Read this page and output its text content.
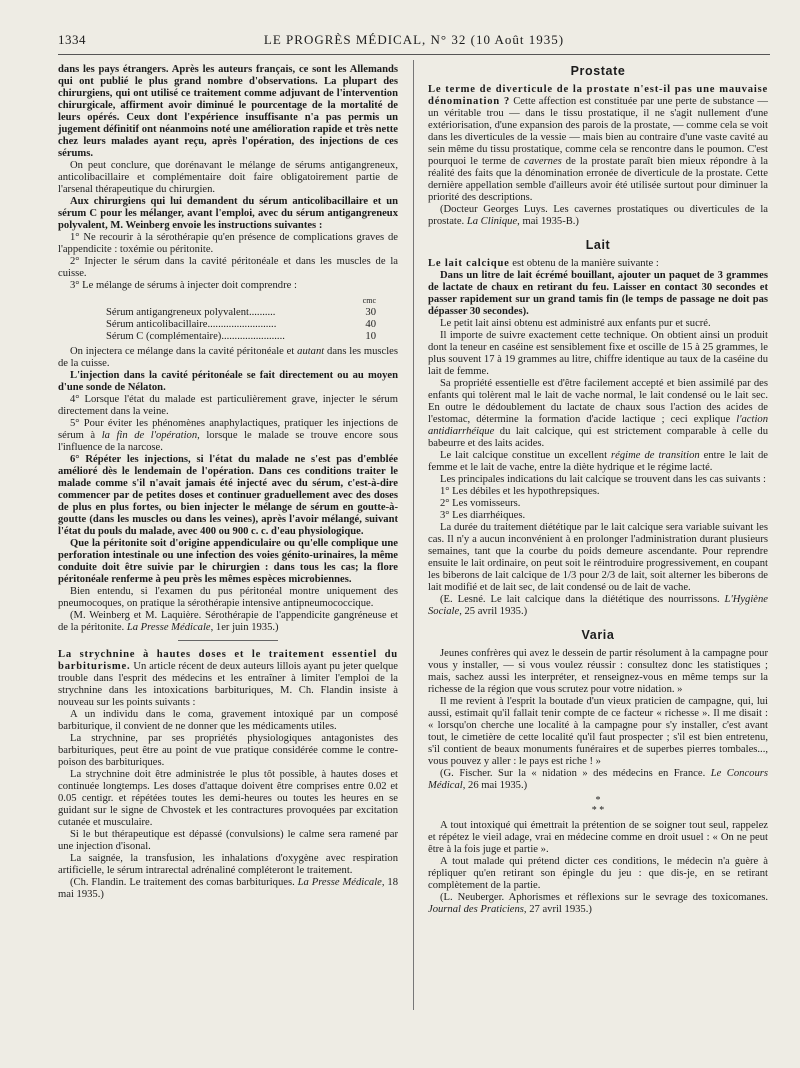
1334	LE PROGRÈS MÉDICAL, N° 32 (10 Août 1935)

dans les pays étrangers. Après les auteurs français, ce sont les Allemands qui ont publié le plus grand nombre d'observations. La plupart des chirurgiens, qui ont utilisé ce traitement comme adjuvant de l'intervention chirurgicale, affirment avoir diminué le pourcentage de la mortalité de leurs opérés. Ceux dont l'expérience insuffisante n'a pas permis un jugement définitif ont néanmoins noté une amélioration rapide et très nette chez leurs malades ayant reçu, après l'opération, des injections de ces sérums.

On peut conclure, que dorénavant le mélange de sérums antigangreneux, anticolibacillaire et complémentaire doit faire obligatoirement partie de l'arsenal thérapeutique du chirurgien.

Aux chirurgiens qui lui demandent du sérum anticolibacillaire et un sérum C pour les mélanger, avant l'emploi, avec du sérum antigangreneux polyvalent, M. Weinberg envoie les instructions suivantes :

1° Ne recourir à la sérothérapie qu'en présence de complications graves de l'appendicite : toxémie ou péritonite.

2° Injecter le sérum dans la cavité péritonéale et dans les muscles de la cuisse.

3° Le mélange de sérums à injecter doit comprendre :

	cmc
Sérum antigangreneux polyvalent..........	30
Sérum anticolibacillaire..........................	40
Sérum C (complémentaire)........................	10

On injectera ce mélange dans la cavité péritonéale et autant dans les muscles de la cuisse.

L'injection dans la cavité péritonéale se fait directement ou au moyen d'une sonde de Nélaton.

4° Lorsque l'état du malade est particulièrement grave, injecter le sérum directement dans la veine.

5° Pour éviter les phénomènes anaphylactiques, pratiquer les injections de sérum à la fin de l'opération, lorsque le malade se trouve encore sous l'influence de la narcose.

6° Répéter les injections, si l'état du malade ne s'est pas d'emblée amélioré dès le lendemain de l'opération. Dans ces conditions traiter le malade comme s'il n'avait jamais été injecté avec du sérum, c'est-à-dire commencer par de petites doses et continuer graduellement avec des doses de plus en plus fortes, ou bien injecter le mélange de sérum en goutte-à-goutte (dans les muscles ou dans les veines), après l'avoir mélangé, suivant l'état du pouls du malade, avec 400 ou 900 c. c. d'eau physiologique.

Que la péritonite soit d'origine appendiculaire ou qu'elle complique une perforation intestinale ou une infection des voies génito-urinaires, la même conduite doit être suivie par le chirurgien : dans tous les cas; la flore péritonéale renferme à peu près les mêmes espèces microbiennes.

Bien entendu, si l'examen du pus péritonéal montre uniquement des pneumocoques, on pratique la sérothérapie intensive antipneumococcique.

(M. Weinberg et M. Laquière. Sérothérapie de l'appendicite gangréneuse et de la péritonite. La Presse Médicale, 1er juin 1935.)

La strychnine à hautes doses et le traitement essentiel du barbiturisme. Un article récent de deux auteurs lillois ayant pu jeter quelque trouble dans l'esprit des médecins et les entraîner à limiter l'emploi de la strychnine dans les intoxications barbituriques, M. Ch. Flandin insiste à nouveau sur les points suivants :

A un individu dans le coma, gravement intoxiqué par un composé barbiturique, il convient de ne donner que les médicaments utiles.

La strychnine, par ses propriétés physiologiques antagonistes des barbituriques, peut être au point de vue pratique considérée comme le contre-poison des barbituriques.

La strychnine doit être administrée le plus tôt possible, à hautes doses et continuée longtemps. Les doses d'attaque doivent être comprises entre 0.02 et 0.05 centigr. et répétées toutes les demi-heures ou toutes les heures en se guidant sur le signe de Chvostek et les contractures provoquées par excitation cutanée et musculaire.

Si le but thérapeutique est dépassé (convulsions) le calme sera ramené par une injection d'isonal.

La saignée, la transfusion, les inhalations d'oxygène avec respiration artificielle, le sérum intrarectal adrénaliné compléteront le traitement.

(Ch. Flandin. Le traitement des comas barbituriques. La Presse Médicale, 18 mai 1935.)

Prostate

Le terme de diverticule de la prostate n'est-il pas une mauvaise dénomination ? Cette affection est constituée par une perte de substance — un véritable trou — dans le tissu prostatique, il ne s'agit nullement d'une extériorisation, d'une expansion des parois de la prostate, — comme cela se voit dans les diverticules de la vessie — mais bien au contraire d'une vaste cavité au sein même du tissu prostatique, comme cela se rencontre dans le poumon. C'est pourquoi le terme de cavernes de la prostate paraît bien mieux répondre à la réalité des faits que la dénomination erronée de diverticule de la prostate. Cette dernière appellation semble d'ailleurs avoir été utilisée surtout pour diminuer la priorité des descriptions.

(Docteur Georges Luys. Les cavernes prostatiques ou diverticules de la prostate. La Clinique, mai 1935-B.)

Lait

Le lait calcique est obtenu de la manière suivante :

Dans un litre de lait écrémé bouillant, ajouter un paquet de 3 grammes de lactate de chaux en retirant du feu. Laisser en contact 30 secondes et passer rapidement sur un grand tamis fin (le temps de passage ne doit pas dépasser 30 secondes).

Le petit lait ainsi obtenu est administré aux enfants pur et sucré.

Il importe de suivre exactement cette technique. On obtient ainsi un produit dont la teneur en caséine est sensiblement fixe et oscille de 15 à 25 grammes, le plus souvent 17 à 19 grammes au litre, chiffre identique au taux de la caséine du lait de femme.

Sa propriété essentielle est d'être facilement accepté et bien assimilé par des enfants qui tolèrent mal le lait de vache normal, le lait condensé ou le lait sec. En outre le dédoublement du lactate de chaux sous l'action des acides de l'estomac, détermine la formation d'acide lactique ; ceci explique l'action antidiarrhéique du lait calcique, qui est strictement comparable à celle du babeurre et des laits acides.

Le lait calcique constitue un excellent régime de transition entre le lait de femme et le lait de vache, entre la diète hydrique et le régime lacté.

Les principales indications du lait calcique se trouvent dans les cas suivants :

1° Les débiles et les hypothrepsiques.

2° Les vomisseurs.

3° Les diarrhéiques.

La durée du traitement diététique par le lait calcique sera variable suivant les cas. Il n'y a aucun inconvénient à en prolonger l'administration durant plusieurs semaines, tant que la courbe du poids demeure ascendante. Pour reprendre ensuite le lait ordinaire, on peut soit le réintroduire progressivement, en coupant les biberons de lait calcique de 1/3 pour 2/3 de lait, soit alterner les biberons de lait modifié et de lait sec, de lait condensé ou de lait de vache.

(E. Lesné. Le lait calcique dans la diététique des nourrissons. L'Hygiène Sociale, 25 avril 1935.)

Varia

Jeunes confrères qui avez le dessein de partir résolument à la campagne pour vous y installer, — si vous voulez réussir : consultez donc les statistiques ; mais, sachez aussi les interpréter, et renseignez-vous en même temps sur la richesse de la région que vous scrutez pour votre nidation. »

Il me revient à l'esprit la boutade d'un vieux praticien de campagne, qui, lui aussi, estimait qu'il fallait tenir compte de ce facteur « richesse ». Il me disait : « lorsqu'on cherche une localité à la campagne pour s'y installer, c'est avant tout, le cimetière de cette localité qu'il faut prospecter ; s'il est bien entretenu, s'il contient de beaux monuments funéraires et de superbes pierres tombales..., vous pouvez y aller : le pays est riche ! »

(G. Fischer. Sur la « nidation » des médecins en France. Le Concours Médical, 26 mai 1935.)

*
* *

A tout intoxiqué qui émettrait la prétention de se soigner tout seul, rappelez et répétez le vieil adage, vrai en médecine comme en droit usuel : « On ne peut être à la fois juge et partie ».

A tout malade qui prétend dicter ces conditions, le médecin n'a guère à répliquer qu'en retirant son épingle du jeu : que dis-je, en se retirant complètement de la partie.

(L. Neuberger. Aphorismes et réflexions sur le sevrage des toxicomanes. Journal des Praticiens, 27 avril 1935.)
